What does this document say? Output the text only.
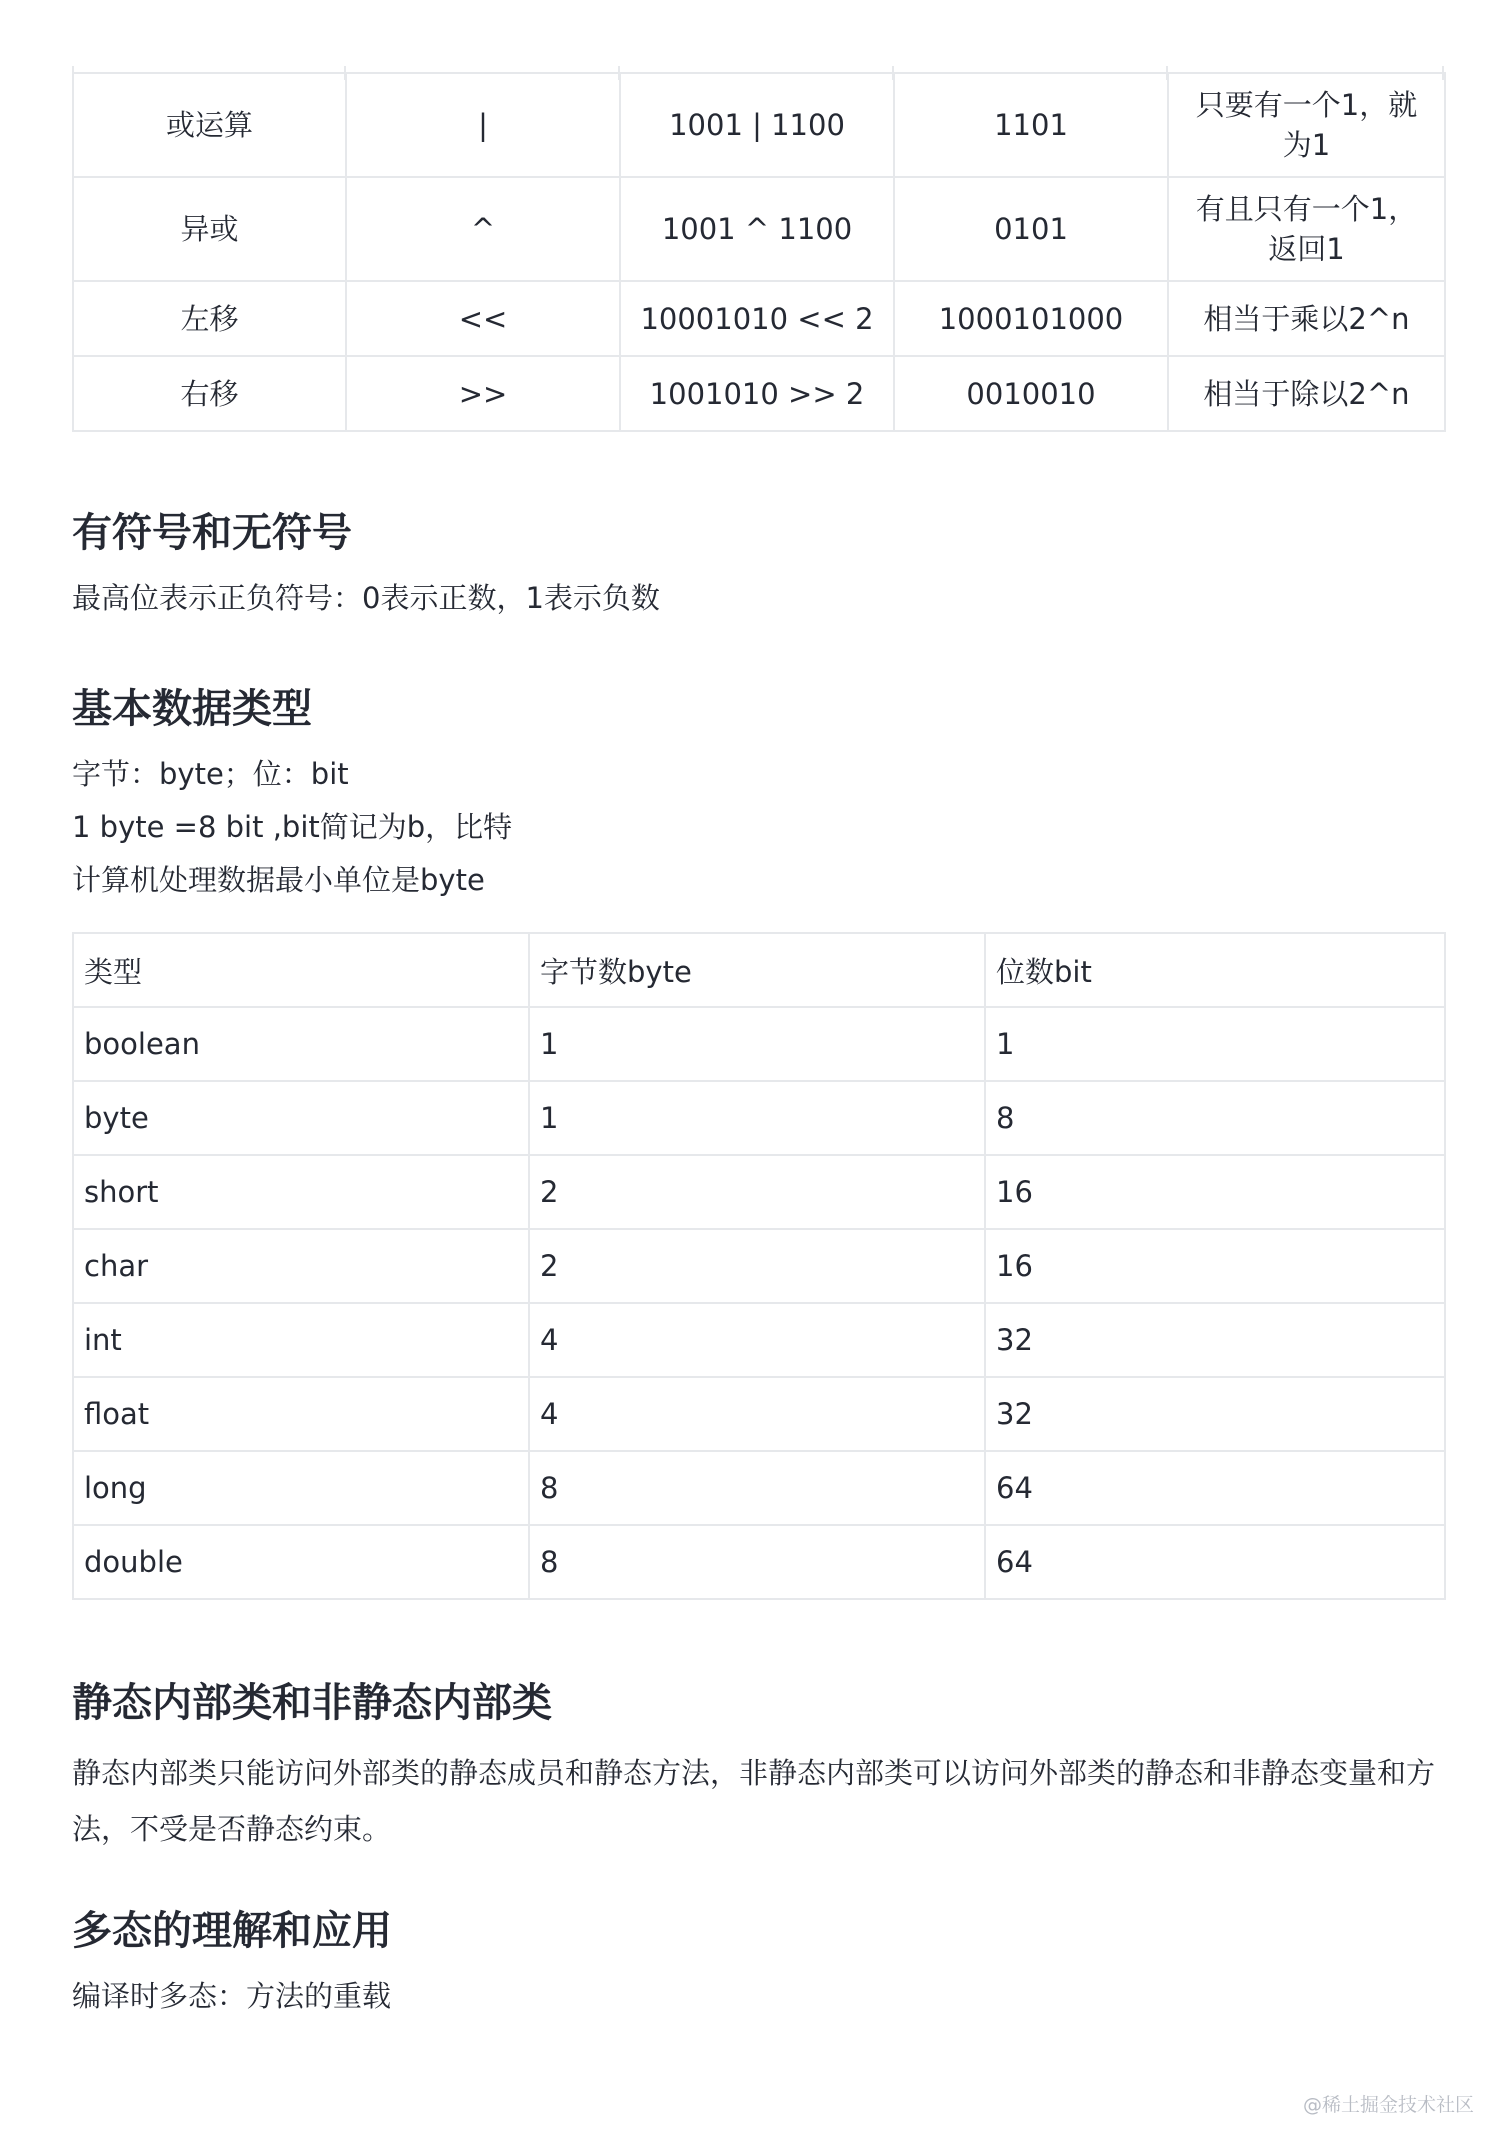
或运算	|	1001 | 1100	1101	只要有一个1，就为1
异或	^	1001 ^ 1100	0101	有且只有一个1，返回1
左移	<<	10001010 << 2	1000101000	相当于乘以2^n
右移	>>	1001010 >> 2	0010010	相当于除以2^n
有符号和无符号

最高位表示正负符号：0表示正数，1表示负数

基本数据类型

字节：byte；位：bit

1 byte =8 bit ,bit简记为b，比特

计算机处理数据最小单位是byte

类型	字节数byte	位数bit
boolean	1	1
byte	1	8
short	2	16
char	2	16
int	4	32
float	4	32
long	8	64
double	8	64
静态内部类和非静态内部类

静态内部类只能访问外部类的静态成员和静态方法，非静态内部类可以访问外部类的静态和非静态变量和方法，不受是否静态约束。

多态的理解和应用

编译时多态：方法的重载

@稀土掘金技术社区
